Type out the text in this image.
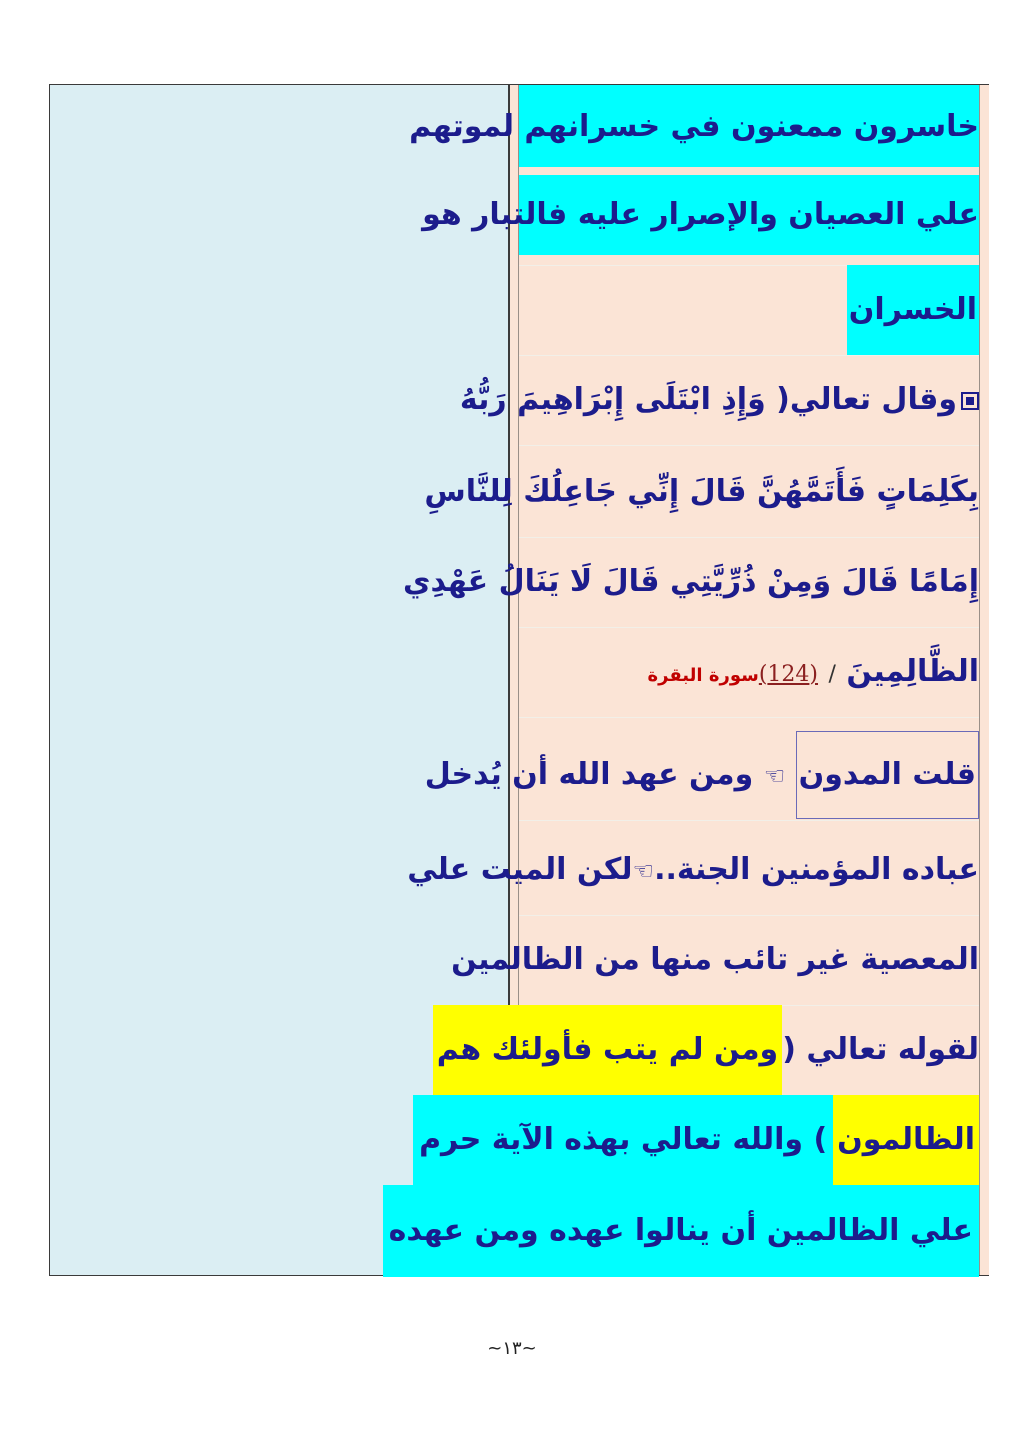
خاسرون ممعنون في خسرانهم لموتهم
علي العصيان والإصرار عليه فالتبار هو
الخسران
وقال تعالي( وَإِذِ ابْتَلَى إِبْرَاهِيمَ رَبُّهُ
بِكَلِمَاتٍ فَأَتَمَّهُنَّ قَالَ إِنِّي جَاعِلُكَ لِلنَّاسِ
إِمَامًا قَالَ وَمِنْ ذُرِّيَّتِي قَالَ لَا يَنَالُ عَهْدِي
الظَّالِمِينَ / (124)سورة البقرة
قلت المدون ☜ ومن عهد الله أن يُدخل
عباده المؤمنين الجنة..☜لكن الميت علي
المعصية غير تائب منها من الظالمين
لقوله تعالي (ومن لم يتب فأولئك هم
الظالمون) والله تعالي بهذه الآية حرم
علي الظالمين أن ينالوا عهده ومن عهده
~١٣~
